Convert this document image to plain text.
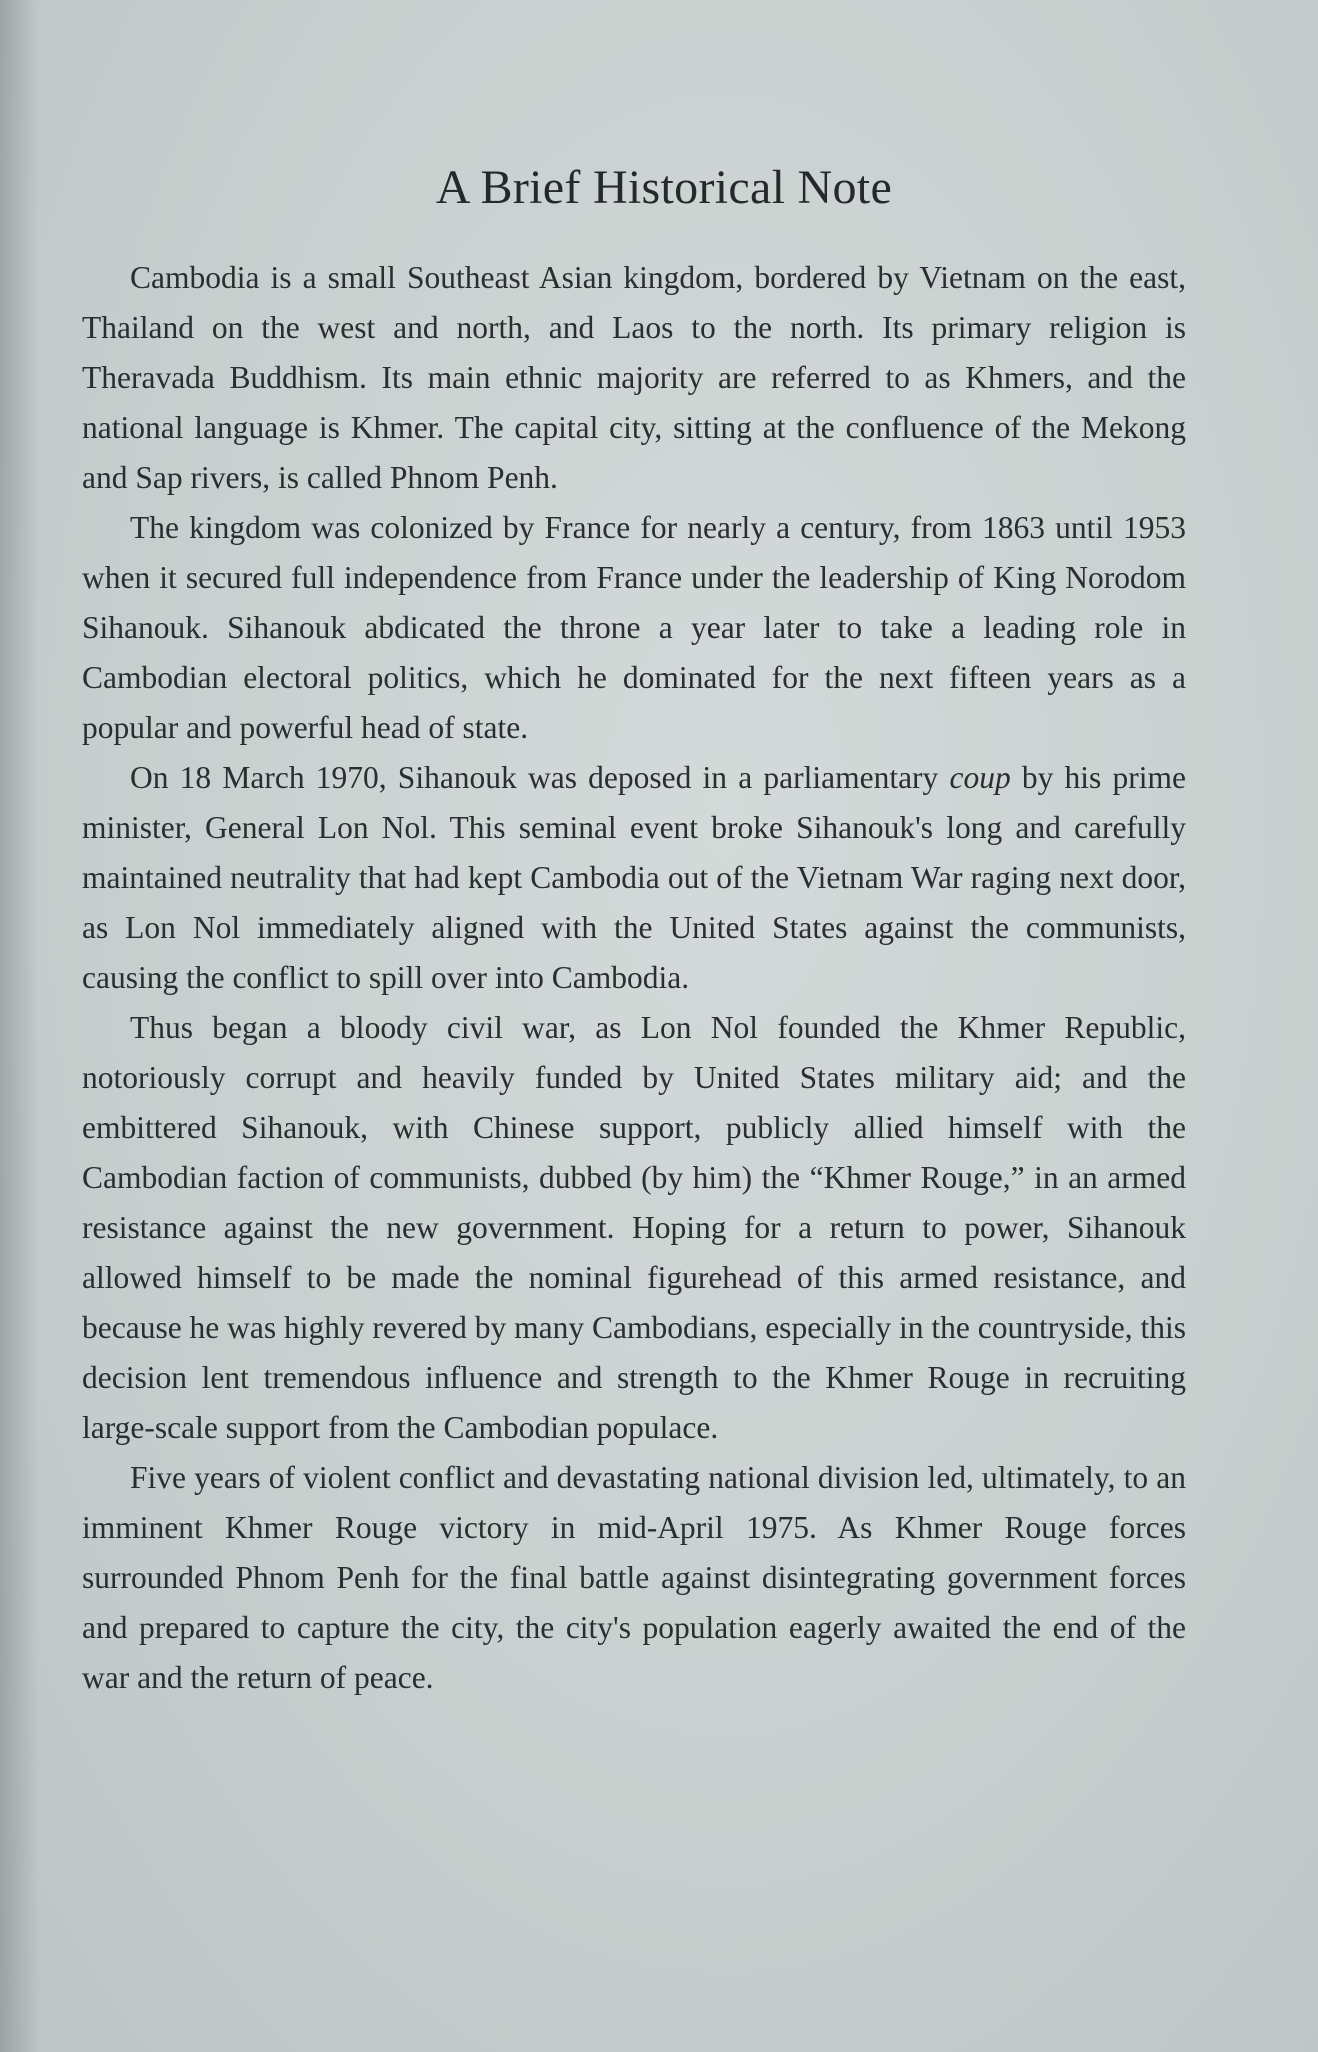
A Brief Historical Note

Cambodia is a small Southeast Asian kingdom, bordered by Vietnam on the east, Thailand on the west and north, and Laos to the north. Its primary religion is Theravada Buddhism. Its main ethnic majority are referred to as Khmers, and the national language is Khmer. The capital city, sitting at the confluence of the Mekong and Sap rivers, is called Phnom Penh.

The kingdom was colonized by France for nearly a century, from 1863 until 1953 when it secured full independence from France under the leadership of King Norodom Sihanouk. Sihanouk abdicated the throne a year later to take a leading role in Cambodian electoral politics, which he dominated for the next fifteen years as a popular and powerful head of state.

On 18 March 1970, Sihanouk was deposed in a parliamentary coup by his prime minister, General Lon Nol. This seminal event broke Sihanouk's long and carefully maintained neutrality that had kept Cambodia out of the Vietnam War raging next door, as Lon Nol immediately aligned with the United States against the communists, causing the conflict to spill over into Cambodia.

Thus began a bloody civil war, as Lon Nol founded the Khmer Republic, notoriously corrupt and heavily funded by United States military aid; and the embittered Sihanouk, with Chinese support, publicly allied himself with the Cambodian faction of communists, dubbed (by him) the “Khmer Rouge,” in an armed resistance against the new government. Hoping for a return to power, Sihanouk allowed himself to be made the nominal figurehead of this armed resistance, and because he was highly revered by many Cambodians, especially in the countryside, this decision lent tremendous influence and strength to the Khmer Rouge in recruiting large-scale support from the Cambodian populace.

Five years of violent conflict and devastating national division led, ultimately, to an imminent Khmer Rouge victory in mid-April 1975. As Khmer Rouge forces surrounded Phnom Penh for the final battle against disintegrating government forces and prepared to capture the city, the city's population eagerly awaited the end of the war and the return of peace.
